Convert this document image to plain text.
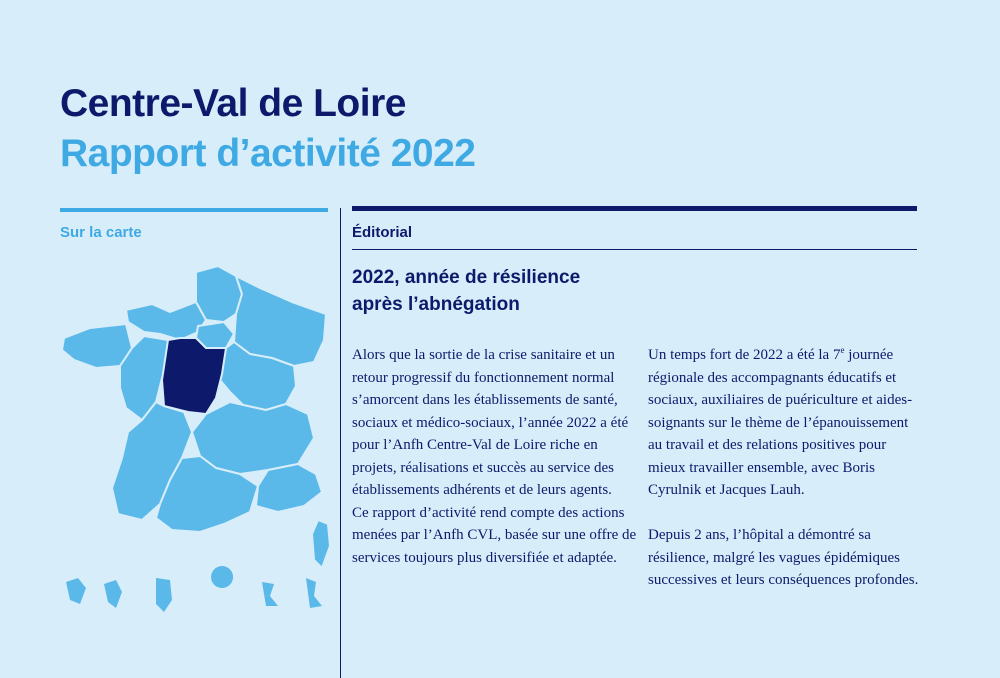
Centre-Val de Loire
Rapport d’activité 2022
Sur la carte	Éditorial
2022, année de résilience
après l’abnégation

Alors que la sortie de la crise sanitaire et un retour progressif du fonctionnement normal s’amorcent dans les établissements de santé, sociaux et médico-sociaux, l’année 2022 a été pour l’Anfh Centre-Val de Loire riche en projets, réalisations et succès au service des établissements adhérents et de leurs agents.

Ce rapport d’activité rend compte des actions menées par l’Anfh CVL, basée sur une offre de services toujours plus diversifiée et adaptée.

Un temps fort de 2022 a été la 7e journée régionale des accompagnants éducatifs et sociaux, auxiliaires de puériculture et aides-soignants sur le thème de l’épanouissement au travail et des relations positives pour mieux travailler ensemble, avec Boris Cyrulnik et Jacques Lauh.

Depuis 2 ans, l’hôpital a démontré sa résilience, malgré les vagues épidémiques successives et leurs conséquences profondes.
